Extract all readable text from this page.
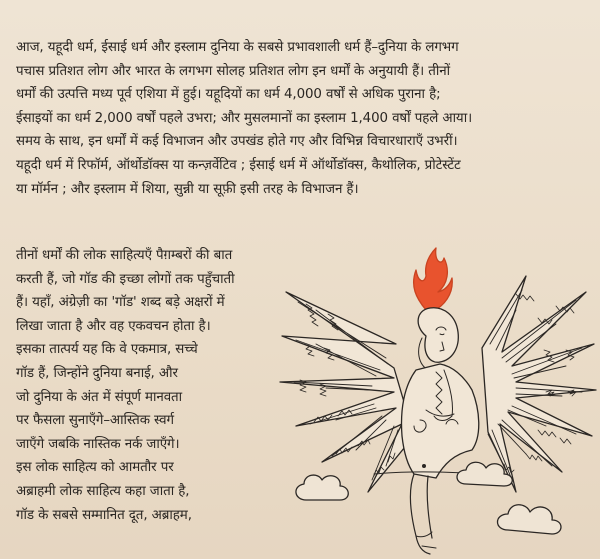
आज, यहूदी धर्म, ईसाई धर्म और इस्लाम दुनिया के सबसे प्रभावशाली धर्म हैं–दुनिया के लगभग
पचास प्रतिशत लोग और भारत के लगभग सोलह प्रतिशत लोग इन धर्मों के अनुयायी हैं। तीनों
धर्मों की उत्पत्ति मध्य पूर्व एशिया में हुई। यहूदियों का धर्म 4,000 वर्षों से अधिक पुराना है;
ईसाइयों का धर्म 2,000 वर्षों पहले उभरा; और मुसलमानों का इस्लाम 1,400 वर्षों पहले आया।
समय के साथ, इन धर्मों में कई विभाजन और उपखंड होते गए और विभिन्न विचारधाराएँ उभरीं।
यहूदी धर्म में रिफॉर्म, ऑर्थोडॉक्स या कन्ज़र्वेटिव ; ईसाई धर्म में ऑर्थोडॉक्स, कैथोलिक, प्रोटेस्टेंट
या मॉर्मन ; और इस्लाम में शिया, सुन्नी या सूफ़ी इसी तरह के विभाजन हैं।
तीनों धर्मों की लोक साहित्यएँ पैग़म्बरों की बात
करती हैं, जो गॉड की इच्छा लोगों तक पहुँचाती
हैं। यहाँ, अंग्रेज़ी का 'गॉड' शब्द बड़े अक्षरों में
लिखा जाता है और वह एकवचन होता है।
इसका तात्पर्य यह कि वे एकमात्र, सच्चे
गॉड हैं, जिन्होंने दुनिया बनाई, और
जो दुनिया के अंत में संपूर्ण मानवता
पर फैसला सुनाएँगे–आस्तिक स्वर्ग
जाएँगे जबकि नास्तिक नर्क जाएँगे।
इस लोक साहित्य को आमतौर पर
अब्राहमी लोक साहित्य कहा जाता है,
गॉड के सबसे सम्मानित दूत, अब्राहम,
